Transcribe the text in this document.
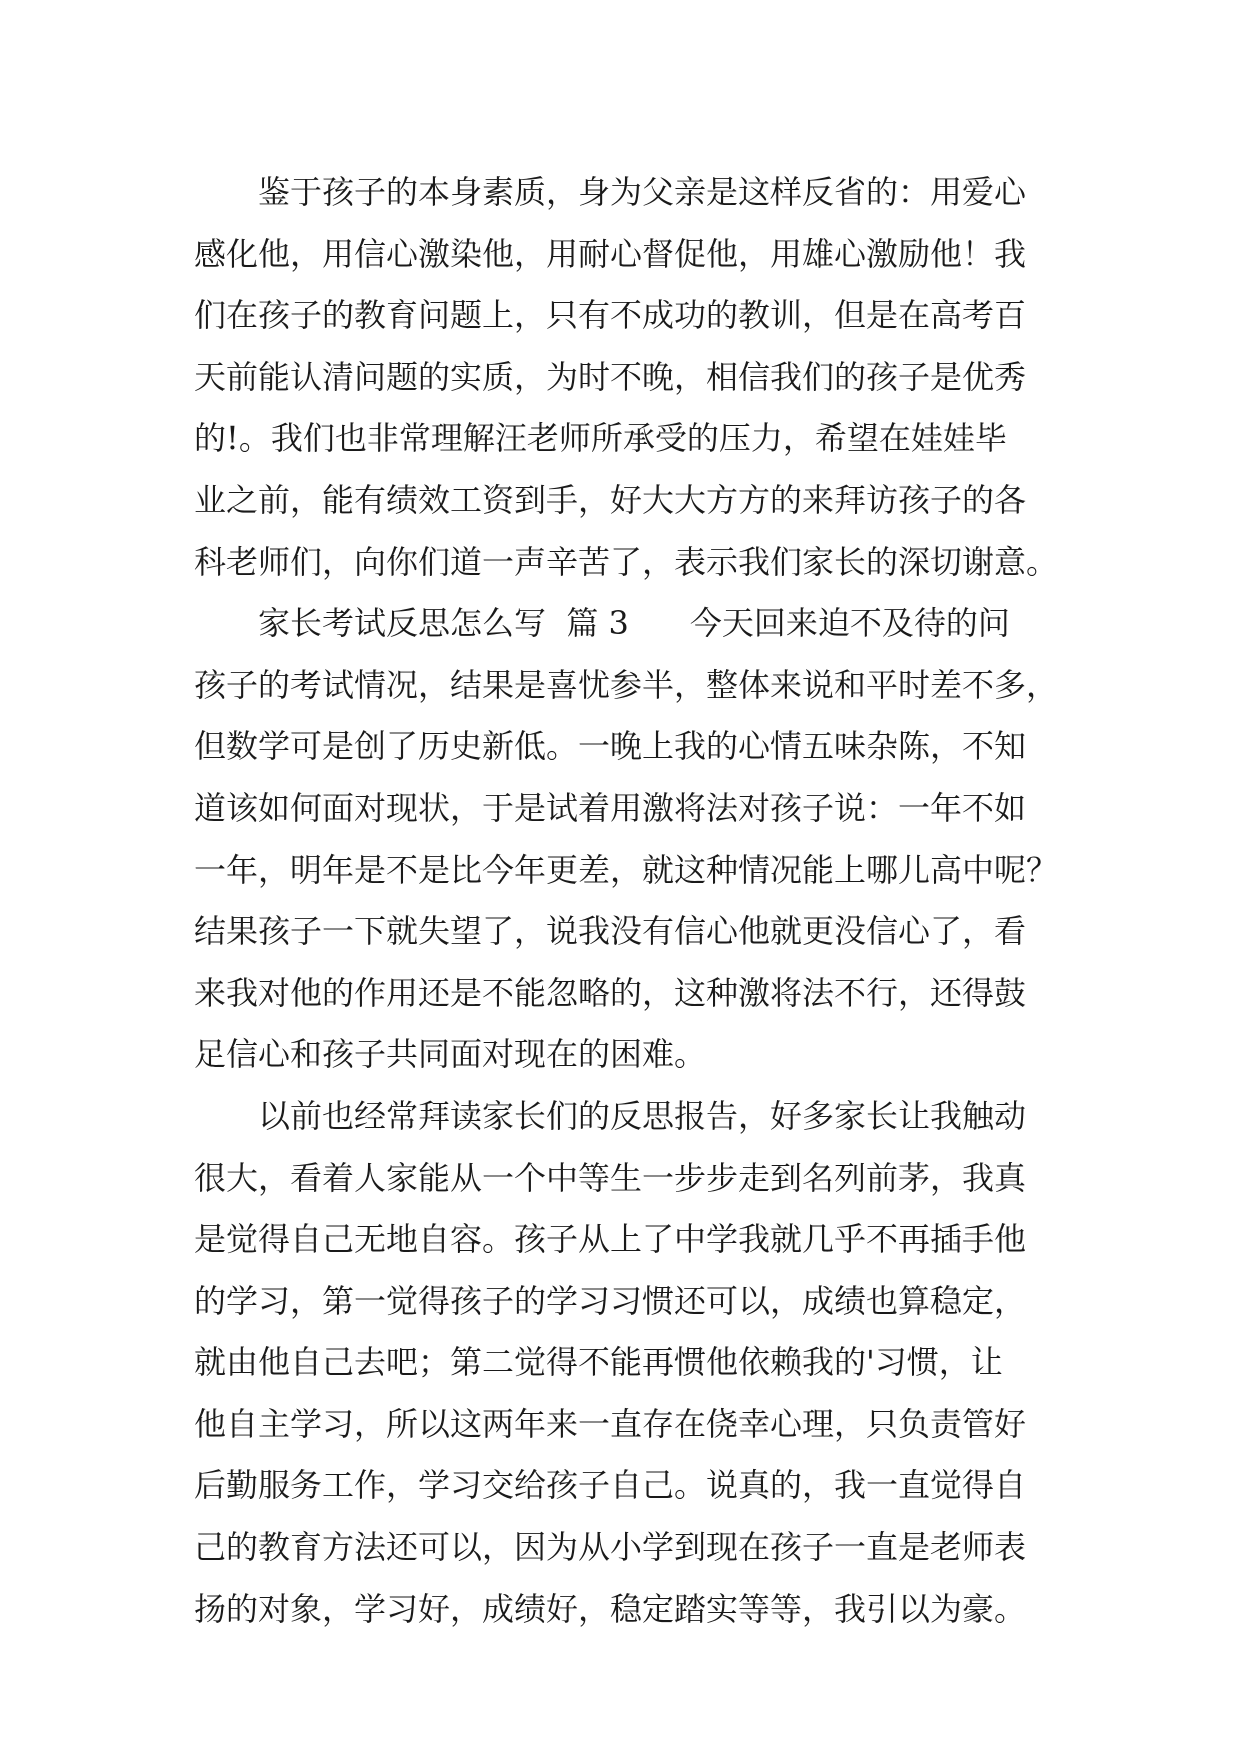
鉴于孩子的本身素质，身为父亲是这样反省的：用爱心
感化他，用信心激染他，用耐心督促他，用雄心激励他！我
们在孩子的教育问题上，只有不成功的教训，但是在高考百
天前能认清问题的实质，为时不晚，相信我们的孩子是优秀
的!。我们也非常理解汪老师所承受的压力，希望在娃娃毕
业之前，能有绩效工资到手，好大大方方的来拜访孩子的各
科老师们，向你们道一声辛苦了，表示我们家长的深切谢意。
家长考试反思怎么写  篇 3      今天回来迫不及待的问
孩子的考试情况，结果是喜忧参半，整体来说和平时差不多，
但数学可是创了历史新低。一晚上我的心情五味杂陈，不知
道该如何面对现状，于是试着用激将法对孩子说：一年不如
一年，明年是不是比今年更差，就这种情况能上哪儿高中呢？
结果孩子一下就失望了，说我没有信心他就更没信心了，看
来我对他的作用还是不能忽略的，这种激将法不行，还得鼓
足信心和孩子共同面对现在的困难。
以前也经常拜读家长们的反思报告，好多家长让我触动
很大，看着人家能从一个中等生一步步走到名列前茅，我真
是觉得自己无地自容。孩子从上了中学我就几乎不再插手他
的学习，第一觉得孩子的学习习惯还可以，成绩也算稳定，
就由他自己去吧；第二觉得不能再惯他依赖我的'习惯，让
他自主学习，所以这两年来一直存在侥幸心理，只负责管好
后勤服务工作，学习交给孩子自己。说真的，我一直觉得自
己的教育方法还可以，因为从小学到现在孩子一直是老师表
扬的对象，学习好，成绩好，稳定踏实等等，我引以为豪。
